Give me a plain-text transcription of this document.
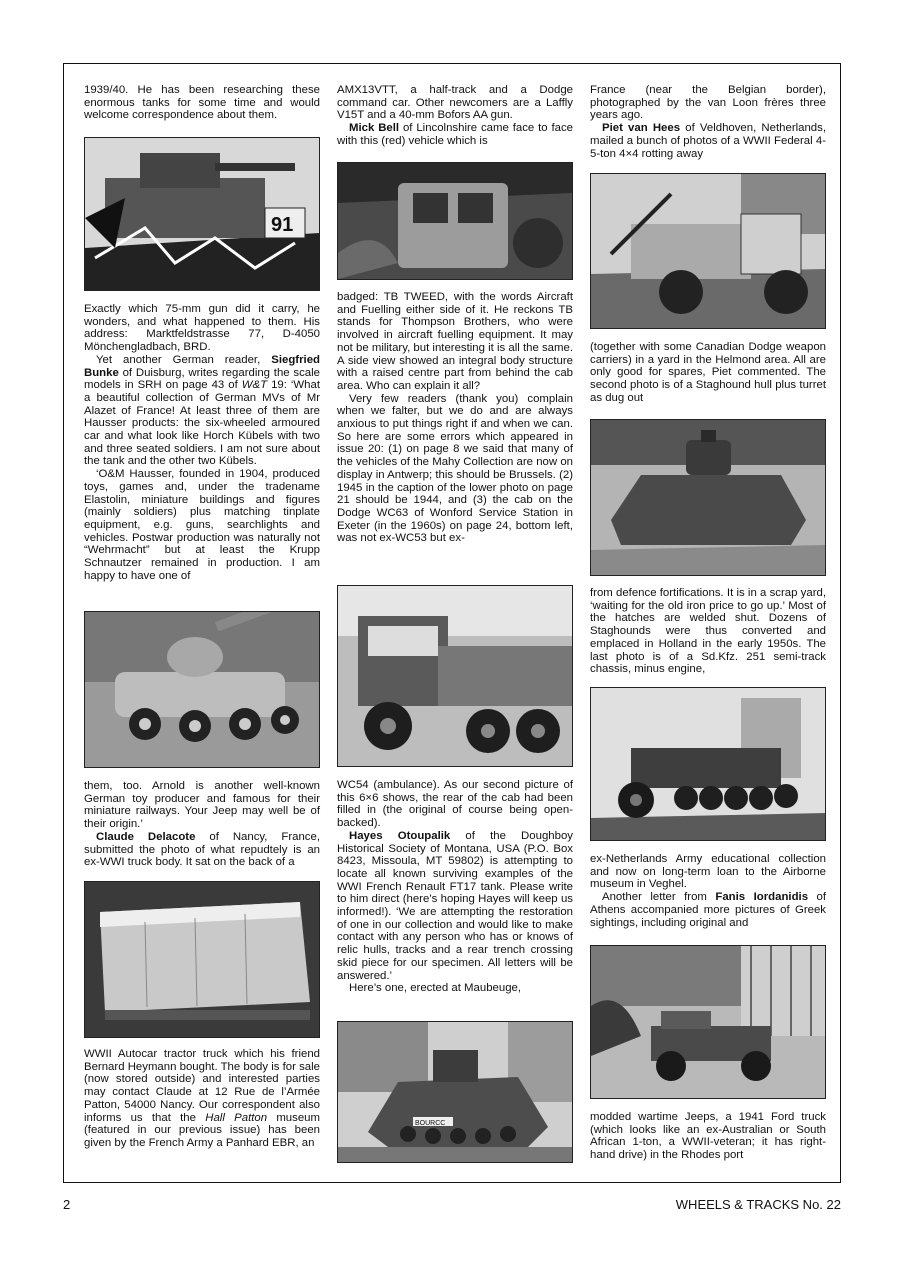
1939/40. He has been researching these enormous tanks for some time and would welcome correspondence about them.

91

Exactly which 75-mm gun did it carry, he wonders, and what happened to them. His address: Marktfeldstrasse 77, D-4050 Mönchengladbach, BRD.

Yet another German reader, Siegfried Bunke of Duisburg, writes regarding the scale models in SRH on page 43 of W&T 19: ‘What a beautiful collection of German MVs of Mr Alazet of France! At least three of them are Hausser products: the six-wheeled armoured car and what look like Horch Kübels with two and three seated soldiers. I am not sure about the tank and the other two Kübels.

‘O&M Hausser, founded in 1904, produced toys, games and, under the tradename Elastolin, miniature buildings and figures (mainly soldiers) plus matching tinplate equipment, e.g. guns, searchlights and vehicles. Postwar production was naturally not “Wehrmacht” but at least the Krupp Schnautzer remained in production. I am happy to have one of

them, too. Arnold is another well-known German toy producer and famous for their miniature railways. Your Jeep may well be of their origin.’

Claude Delacote of Nancy, France, submitted the photo of what repudtely is an ex-WWI truck body. It sat on the back of a

WWII Autocar tractor truck which his friend Bernard Heymann bought. The body is for sale (now stored outside) and interested parties may contact Claude at 12 Rue de l’Armée Patton, 54000 Nancy. Our correspondent also informs us that the Hall Patton museum (featured in our previous issue) has been given by the French Army a Panhard EBR, an

AMX13VTT, a half-track and a Dodge command car. Other newcomers are a Laffly V15T and a 40-mm Bofors AA gun.

Mick Bell of Lincolnshire came face to face with this (red) vehicle which is

badged: TB TWEED, with the words Aircraft and Fuelling either side of it. He reckons TB stands for Thompson Brothers, who were involved in aircraft fuelling equipment. It may not be military, but interesting it is all the same. A side view showed an integral body structure with a raised centre part from behind the cab area. Who can explain it all?

Very few readers (thank you) complain when we falter, but we do and are always anxious to put things right if and when we can. So here are some errors which appeared in issue 20: (1) on page 8 we said that many of the vehicles of the Mahy Collection are now on display in Antwerp; this should be Brussels. (2) 1945 in the caption of the lower photo on page 21 should be 1944, and (3) the cab on the Dodge WC63 of Wonford Service Station in Exeter (in the 1960s) on page 24, bottom left, was not ex-WC53 but ex-

WC54 (ambulance). As our second picture of this 6×6 shows, the rear of the cab had been filled in (the original of course being open-backed).

Hayes Otoupalik of the Doughboy Historical Society of Montana, USA (P.O. Box 8423, Missoula, MT 59802) is attempting to locate all known surviving examples of the WWI French Renault FT17 tank. Please write to him direct (here’s hoping Hayes will keep us informed!). ‘We are attempting the restoration of one in our collection and would like to make contact with any person who has or knows of relic hulls, tracks and a rear trench crossing skid piece for our specimen. All letters will be answered.’

Here’s one, erected at Maubeuge,

BOURCC

France (near the Belgian border), photographed by the van Loon frères three years ago.

Piet van Hees of Veldhoven, Netherlands, mailed a bunch of photos of a WWII Federal 4-5-ton 4×4 rotting away

(together with some Canadian Dodge weapon carriers) in a yard in the Helmond area. All are only good for spares, Piet commented. The second photo is of a Staghound hull plus turret as dug out

from defence fortifications. It is in a scrap yard, ‘waiting for the old iron price to go up.’ Most of the hatches are welded shut. Dozens of Staghounds were thus converted and emplaced in Holland in the early 1950s. The last photo is of a Sd.Kfz. 251 semi-track chassis, minus engine,

ex-Netherlands Army educational collection and now on long-term loan to the Airborne museum in Veghel.

Another letter from Fanis Iordanidis of Athens accompanied more pictures of Greek sightings, including original and

modded wartime Jeeps, a 1941 Ford truck (which looks like an ex-Australian or South African 1-ton, a WWII-veteran; it has right-hand drive) in the Rhodes port

2	WHEELS & TRACKS No. 22
